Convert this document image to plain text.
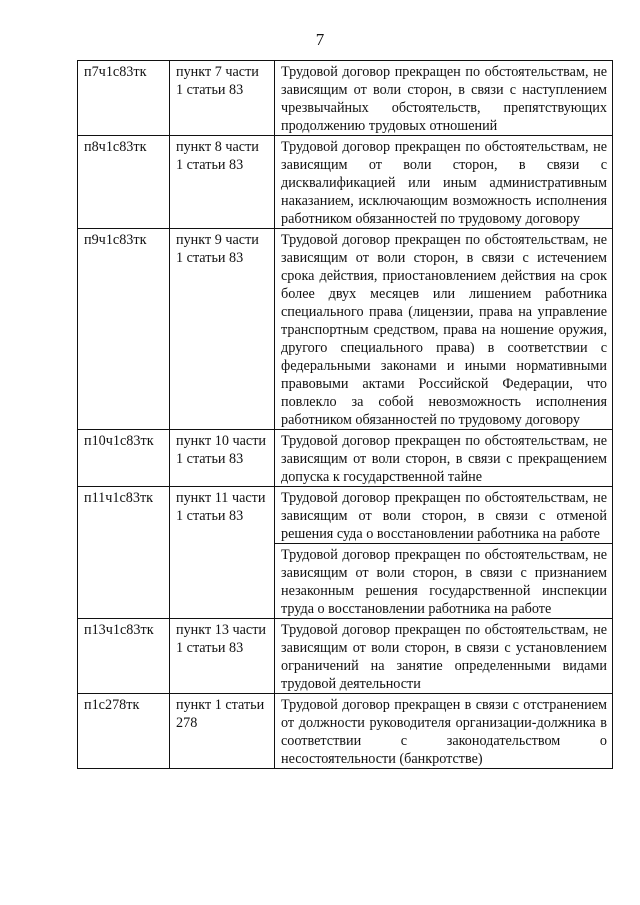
7
п7ч1с83тк	пункт 7 части 1 статьи 83	Трудовой договор прекращен по обстоятельствам, не зависящим от воли сторон, в связи с наступлением чрезвычайных обстоятельств, препятствующих продолжению трудовых отношений
п8ч1с83тк	пункт 8 части 1 статьи 83	Трудовой договор прекращен по обстоятельствам, не зависящим от воли сторон, в связи с дисквалификацией или иным административным наказанием, исключающим возможность исполнения работником обязанностей по трудовому договору
п9ч1с83тк	пункт 9 части 1 статьи 83	Трудовой договор прекращен по обстоятельствам, не зависящим от воли сторон, в связи с истечением срока действия, приостановлением действия на срок более двух месяцев или лишением работника специального права (лицензии, права на управление транспортным средством, права на ношение оружия, другого специального права) в соответствии с федеральными законами и иными нормативными правовыми актами Российской Федерации, что повлекло за собой невозможность исполнения работником обязанностей по трудовому договору
п10ч1с83тк	пункт 10 части 1 статьи 83	Трудовой договор прекращен по обстоятельствам, не зависящим от воли сторон, в связи с прекращением допуска к государственной тайне
п11ч1с83тк	пункт 11 части 1 статьи 83	Трудовой договор прекращен по обстоятельствам, не зависящим от воли сторон, в связи с отменой решения суда о восстановлении работника на работе
		Трудовой договор прекращен по обстоятельствам, не зависящим от воли сторон, в связи с признанием незаконным решения государственной инспекции труда о восстановлении работника на работе
п13ч1с83тк	пункт 13 части 1 статьи 83	Трудовой договор прекращен по обстоятельствам, не зависящим от воли сторон, в связи с установлением ограничений на занятие определенными видами трудовой деятельности
п1с278тк	пункт 1 статьи 278	Трудовой договор прекращен в связи с отстранением от должности руководителя организации-должника в соответствии с законодательством о несостоятельности (банкротстве)
